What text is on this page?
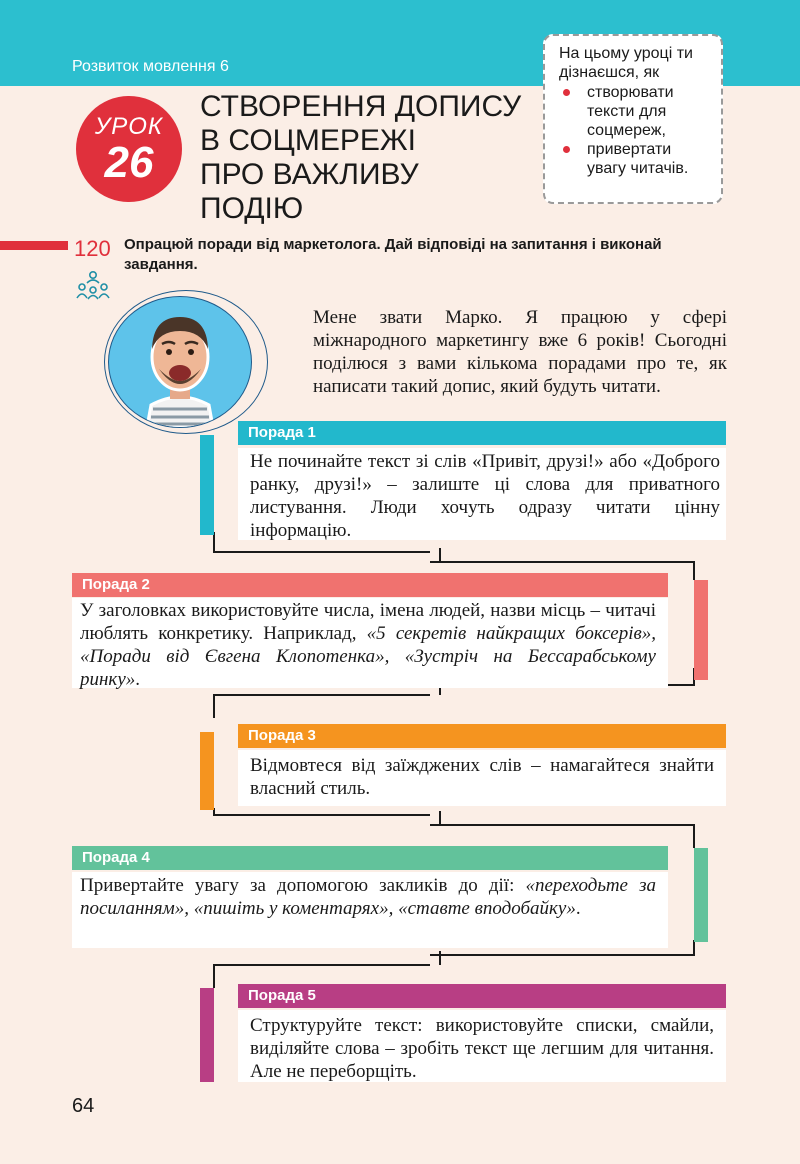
Розвиток мовлення 6
УРОК
26
СТВОРЕННЯ ДОПИСУ
В СОЦМЕРЕЖІ
ПРО ВАЖЛИВУ ПОДІЮ
На цьому уроці ти дізнаєшся, як
створювати тексти для соцмереж,
привертати увагу читачів.
120 Опрацюй поради від маркетолога. Дай відповіді на запитання і виконай завдання.
Мене звати Марко. Я працюю у сфері міжнародного маркетингу вже 6 років! Сьогодні поділюся з вами кількома порадами про те, як написати такий допис, який будуть читати.
Порада 1
Не починайте текст зі слів «Привіт, друзі!» або «Доброго ранку, друзі!» – залиште ці слова для приватного листування. Люди хочуть одразу читати цінну інформацію.
Порада 2
У заголовках використовуйте числа, імена людей, назви місць – читачі люблять конкретику. Наприклад, «5 секретів найкращих боксерів», «Поради від Євгена Клопотенка», «Зустріч на Бессарабському ринку».
Порада 3
Відмовтеся від заїжджених слів – намагайтеся знайти власний стиль.
Порада 4
Привертайте увагу за допомогою закликів до дії: «переходьте за посиланням», «пишіть у коментарях», «ставте вподобайку».
Порада 5
Структуруйте текст: використовуйте списки, смайли, виділяйте слова – зробіть текст ще легшим для читання. Але не переборщіть.
64
